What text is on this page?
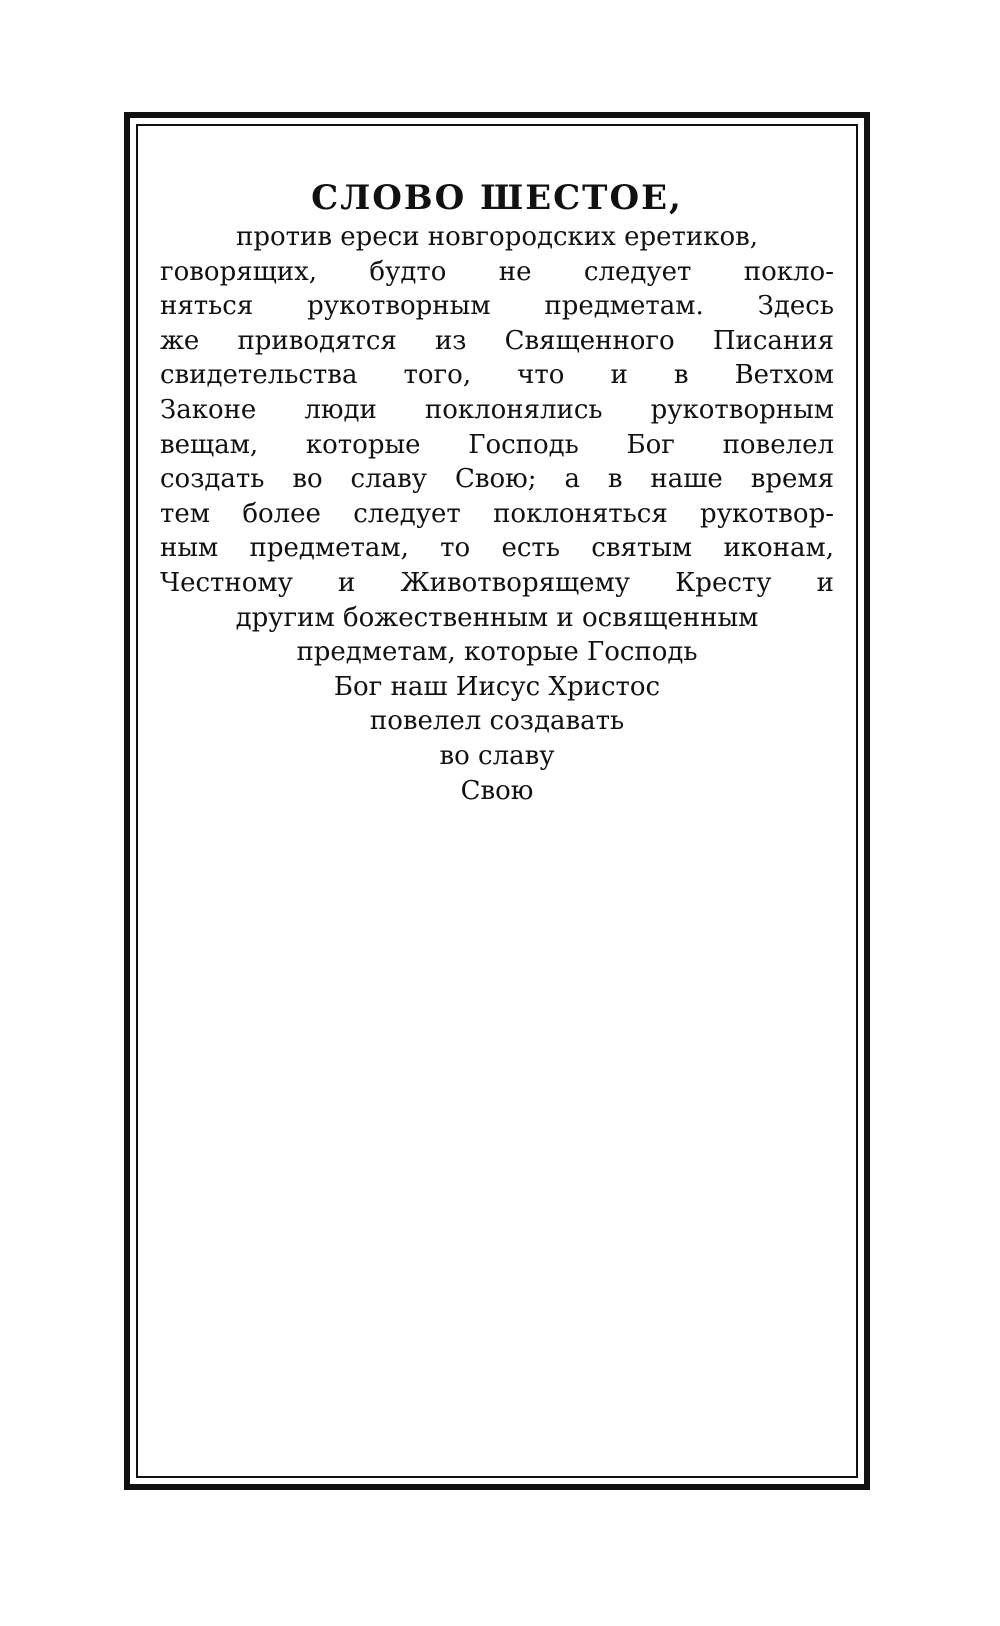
СЛОВО ШЕСТОЕ,
против ереси новгородских еретиков,
говорящих, будто не следует покло-
няться рукотворным предметам. Здесь
же приводятся из Священного Писания
свидетельства того, что и в Ветхом
Законе люди поклонялись рукотворным
вещам, которые Господь Бог повелел
создать во славу Свою; а в наше время
тем более следует поклоняться рукотвор-
ным предметам, то есть святым иконам,
Честному и Животворящему Кресту и
другим божественным и освященным
предметам, которые Господь
Бог наш Иисус Христос
повелел создавать
во славу
Свою
